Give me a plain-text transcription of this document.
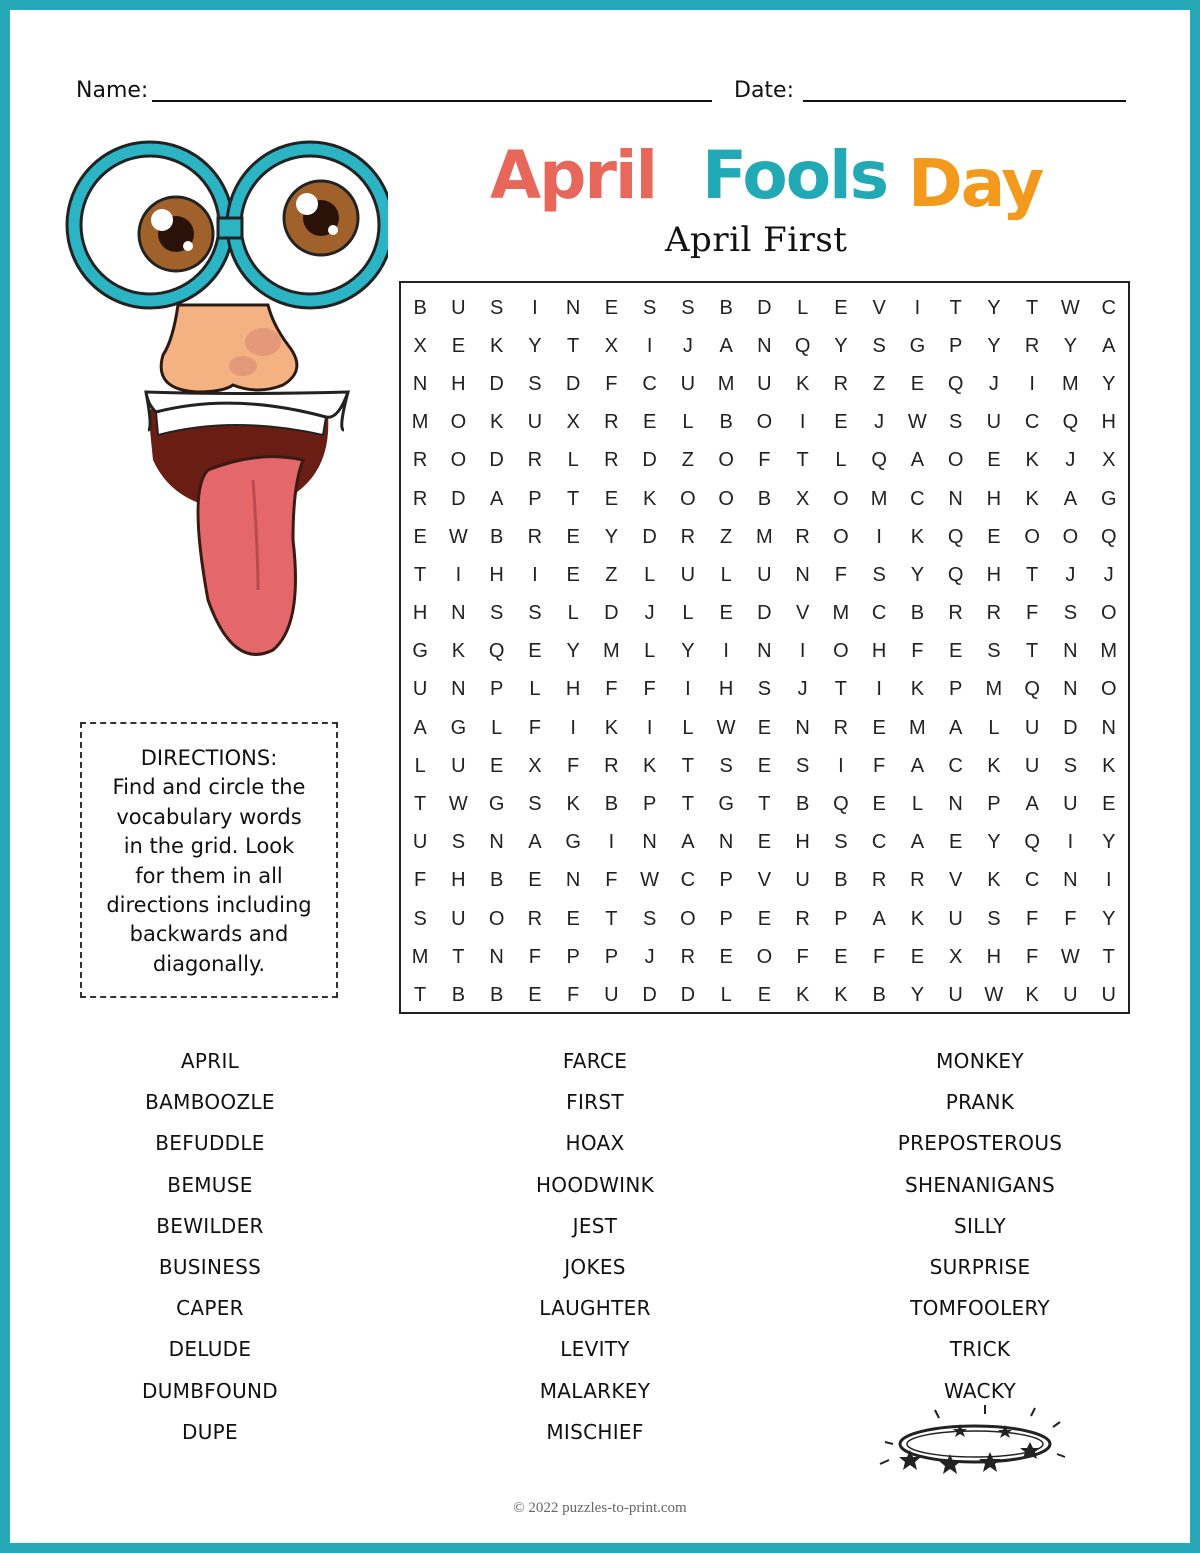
Name:	Date:
April Fools Day
April First
DIRECTIONS:
Find and circle the
vocabulary words
in the grid. Look
for them in all
directions including
backwards and
diagonally.
B	U	S	I	N	E	S	S	B	D	L	E	V	I	T	Y	T	W	C
X	E	K	Y	T	X	I	J	A	N	Q	Y	S	G	P	Y	R	Y	A
N	H	D	S	D	F	C	U	M	U	K	R	Z	E	Q	J	I	M	Y
M	O	K	U	X	R	E	L	B	O	I	E	J	W	S	U	C	Q	H
R	O	D	R	L	R	D	Z	O	F	T	L	Q	A	O	E	K	J	X
R	D	A	P	T	E	K	O	O	B	X	O	M	C	N	H	K	A	G
E	W	B	R	E	Y	D	R	Z	M	R	O	I	K	Q	E	O	O	Q
T	I	H	I	E	Z	L	U	L	U	N	F	S	Y	Q	H	T	J	J
H	N	S	S	L	D	J	L	E	D	V	M	C	B	R	R	F	S	O
G	K	Q	E	Y	M	L	Y	I	N	I	O	H	F	E	S	T	N	M
U	N	P	L	H	F	F	I	H	S	J	T	I	K	P	M	Q	N	O
A	G	L	F	I	K	I	L	W	E	N	R	E	M	A	L	U	D	N
L	U	E	X	F	R	K	T	S	E	S	I	F	A	C	K	U	S	K
T	W	G	S	K	B	P	T	G	T	B	Q	E	L	N	P	A	U	E
U	S	N	A	G	I	N	A	N	E	H	S	C	A	E	Y	Q	I	Y
F	H	B	E	N	F	W	C	P	V	U	B	R	R	V	K	C	N	I
S	U	O	R	E	T	S	O	P	E	R	P	A	K	U	S	F	F	Y
M	T	N	F	P	P	J	R	E	O	F	E	F	E	X	H	F	W	T
T	B	B	E	F	U	D	D	L	E	K	K	B	Y	U	W	K	U	U
APRIL
BAMBOOZLE
BEFUDDLE
BEMUSE
BEWILDER
BUSINESS
CAPER
DELUDE
DUMBFOUND
DUPE
FARCE
FIRST
HOAX
HOODWINK
JEST
JOKES
LAUGHTER
LEVITY
MALARKEY
MISCHIEF
MONKEY
PRANK
PREPOSTEROUS
SHENANIGANS
SILLY
SURPRISE
TOMFOOLERY
TRICK
WACKY
© 2022 puzzles-to-print.com
